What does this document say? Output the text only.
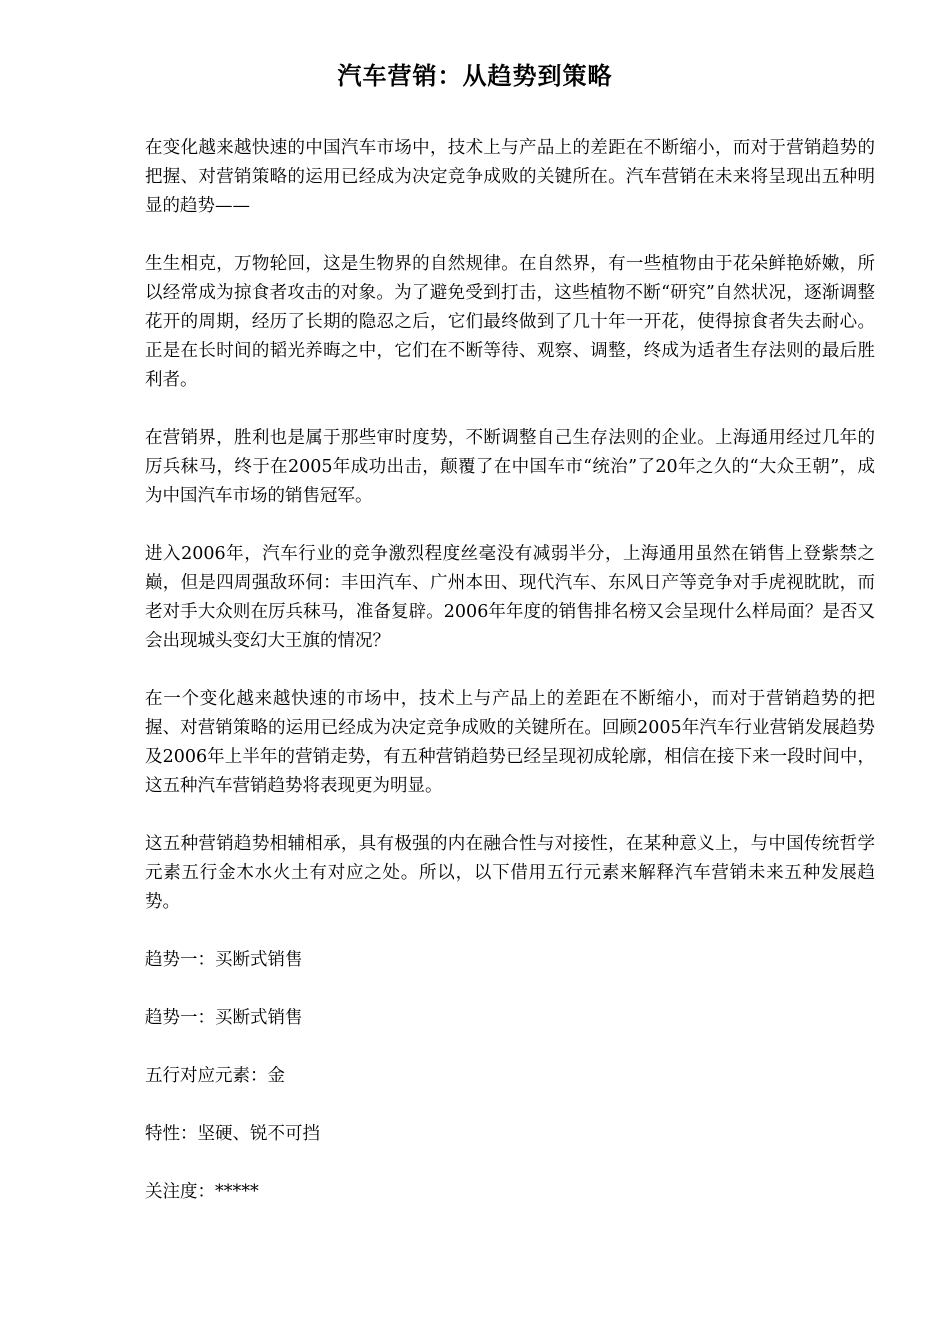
汽车营销：从趋势到策略

在变化越来越快速的中国汽车市场中，技术上与产品上的差距在不断缩小，而对于营销趋势的把握、对营销策略的运用已经成为决定竞争成败的关键所在。汽车营销在未来将呈现出五种明显的趋势——

生生相克，万物轮回，这是生物界的自然规律。在自然界，有一些植物由于花朵鲜艳娇嫩，所以经常成为掠食者攻击的对象。为了避免受到打击，这些植物不断“研究”自然状况，逐渐调整花开的周期，经历了长期的隐忍之后，它们最终做到了几十年一开花，使得掠食者失去耐心。正是在长时间的韬光养晦之中，它们在不断等待、观察、调整，终成为适者生存法则的最后胜利者。

在营销界，胜利也是属于那些审时度势，不断调整自己生存法则的企业。上海通用经过几年的厉兵秣马，终于在2005年成功出击，颠覆了在中国车市“统治”了20年之久的“大众王朝”，成为中国汽车市场的销售冠军。

进入2006年，汽车行业的竞争激烈程度丝毫没有减弱半分，上海通用虽然在销售上登紫禁之巅，但是四周强敌环伺：丰田汽车、广州本田、现代汽车、东风日产等竞争对手虎视眈眈，而老对手大众则在厉兵秣马，准备复辟。2006年年度的销售排名榜又会呈现什么样局面？是否又会出现城头变幻大王旗的情况？

在一个变化越来越快速的市场中，技术上与产品上的差距在不断缩小，而对于营销趋势的把握、对营销策略的运用已经成为决定竞争成败的关键所在。回顾2005年汽车行业营销发展趋势及2006年上半年的营销走势，有五种营销趋势已经呈现初成轮廓，相信在接下来一段时间中，这五种汽车营销趋势将表现更为明显。

这五种营销趋势相辅相承，具有极强的内在融合性与对接性，在某种意义上，与中国传统哲学元素五行金木水火土有对应之处。所以，以下借用五行元素来解释汽车营销未来五种发展趋势。

趋势一：买断式销售

趋势一：买断式销售

五行对应元素：金

特性：坚硬、锐不可挡

关注度：*****
